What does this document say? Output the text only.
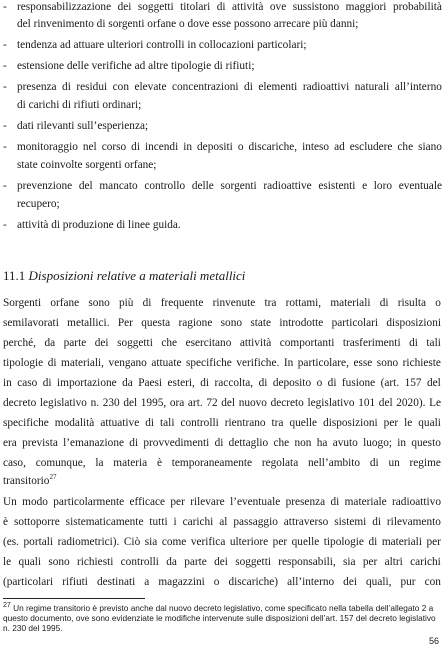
- responsabilizzazione dei soggetti titolari di attività ove sussistono maggiori probabilità
del rinvenimento di sorgenti orfane o dove esse possono arrecare più danni;
- tendenza ad attuare ulteriori controlli in collocazioni particolari;
- estensione delle verifiche ad altre tipologie di rifiuti;
- presenza di residui con elevate concentrazioni di elementi radioattivi naturali all’interno
di carichi di rifiuti ordinari;
- dati rilevanti sull’esperienza;
- monitoraggio nel corso di incendi in depositi o discariche, inteso ad escludere che siano
state coinvolte sorgenti orfane;
- prevenzione del mancato controllo delle sorgenti radioattive esistenti e loro eventuale
recupero;
- attività di produzione di linee guida.
11.1 Disposizioni relative a materiali metallici
Sorgenti orfane sono più di frequente rinvenute tra rottami, materiali di risulta o
semilavorati metallici. Per questa ragione sono state introdotte particolari disposizioni
perché, da parte dei soggetti che esercitano attività comportanti trasferimenti di tali
tipologie di materiali, vengano attuate specifiche verifiche. In particolare, esse sono richieste
in caso di importazione da Paesi esteri, di raccolta, di deposito o di fusione (art. 157 del
decreto legislativo n. 230 del 1995, ora art. 72 del nuovo decreto legislativo 101 del 2020). Le
specifiche modalità attuative di tali controlli rientrano tra quelle disposizioni per le quali
era prevista l’emanazione di provvedimenti di dettaglio che non ha avuto luogo; in questo
caso, comunque, la materia è temporaneamente regolata nell’ambito di un regime
transitorio$^{27}$
Un modo particolarmente efficace per rilevare l’eventuale presenza di materiale radioattivo
è sottoporre sistematicamente tutti i carichi al passaggio attraverso sistemi di rilevamento
(es. portali radiometrici). Ciò sia come verifica ulteriore per quelle tipologie di materiali per
le quali sono richiesti controlli da parte dei soggetti responsabili, sia per altri carichi
(particolari rifiuti destinati a magazzini o discariche) all’interno dei quali, pur con
$^{27}$ Un regime transitorio è previsto anche dal nuovo decreto legislativo, come specificato nella tabella dell’allegato 2 a
questo documento, ove sono evidenziate le modifiche intervenute sulle disposizioni dell’art. 157 del decreto legislativo
n. 230 del 1995.
56
